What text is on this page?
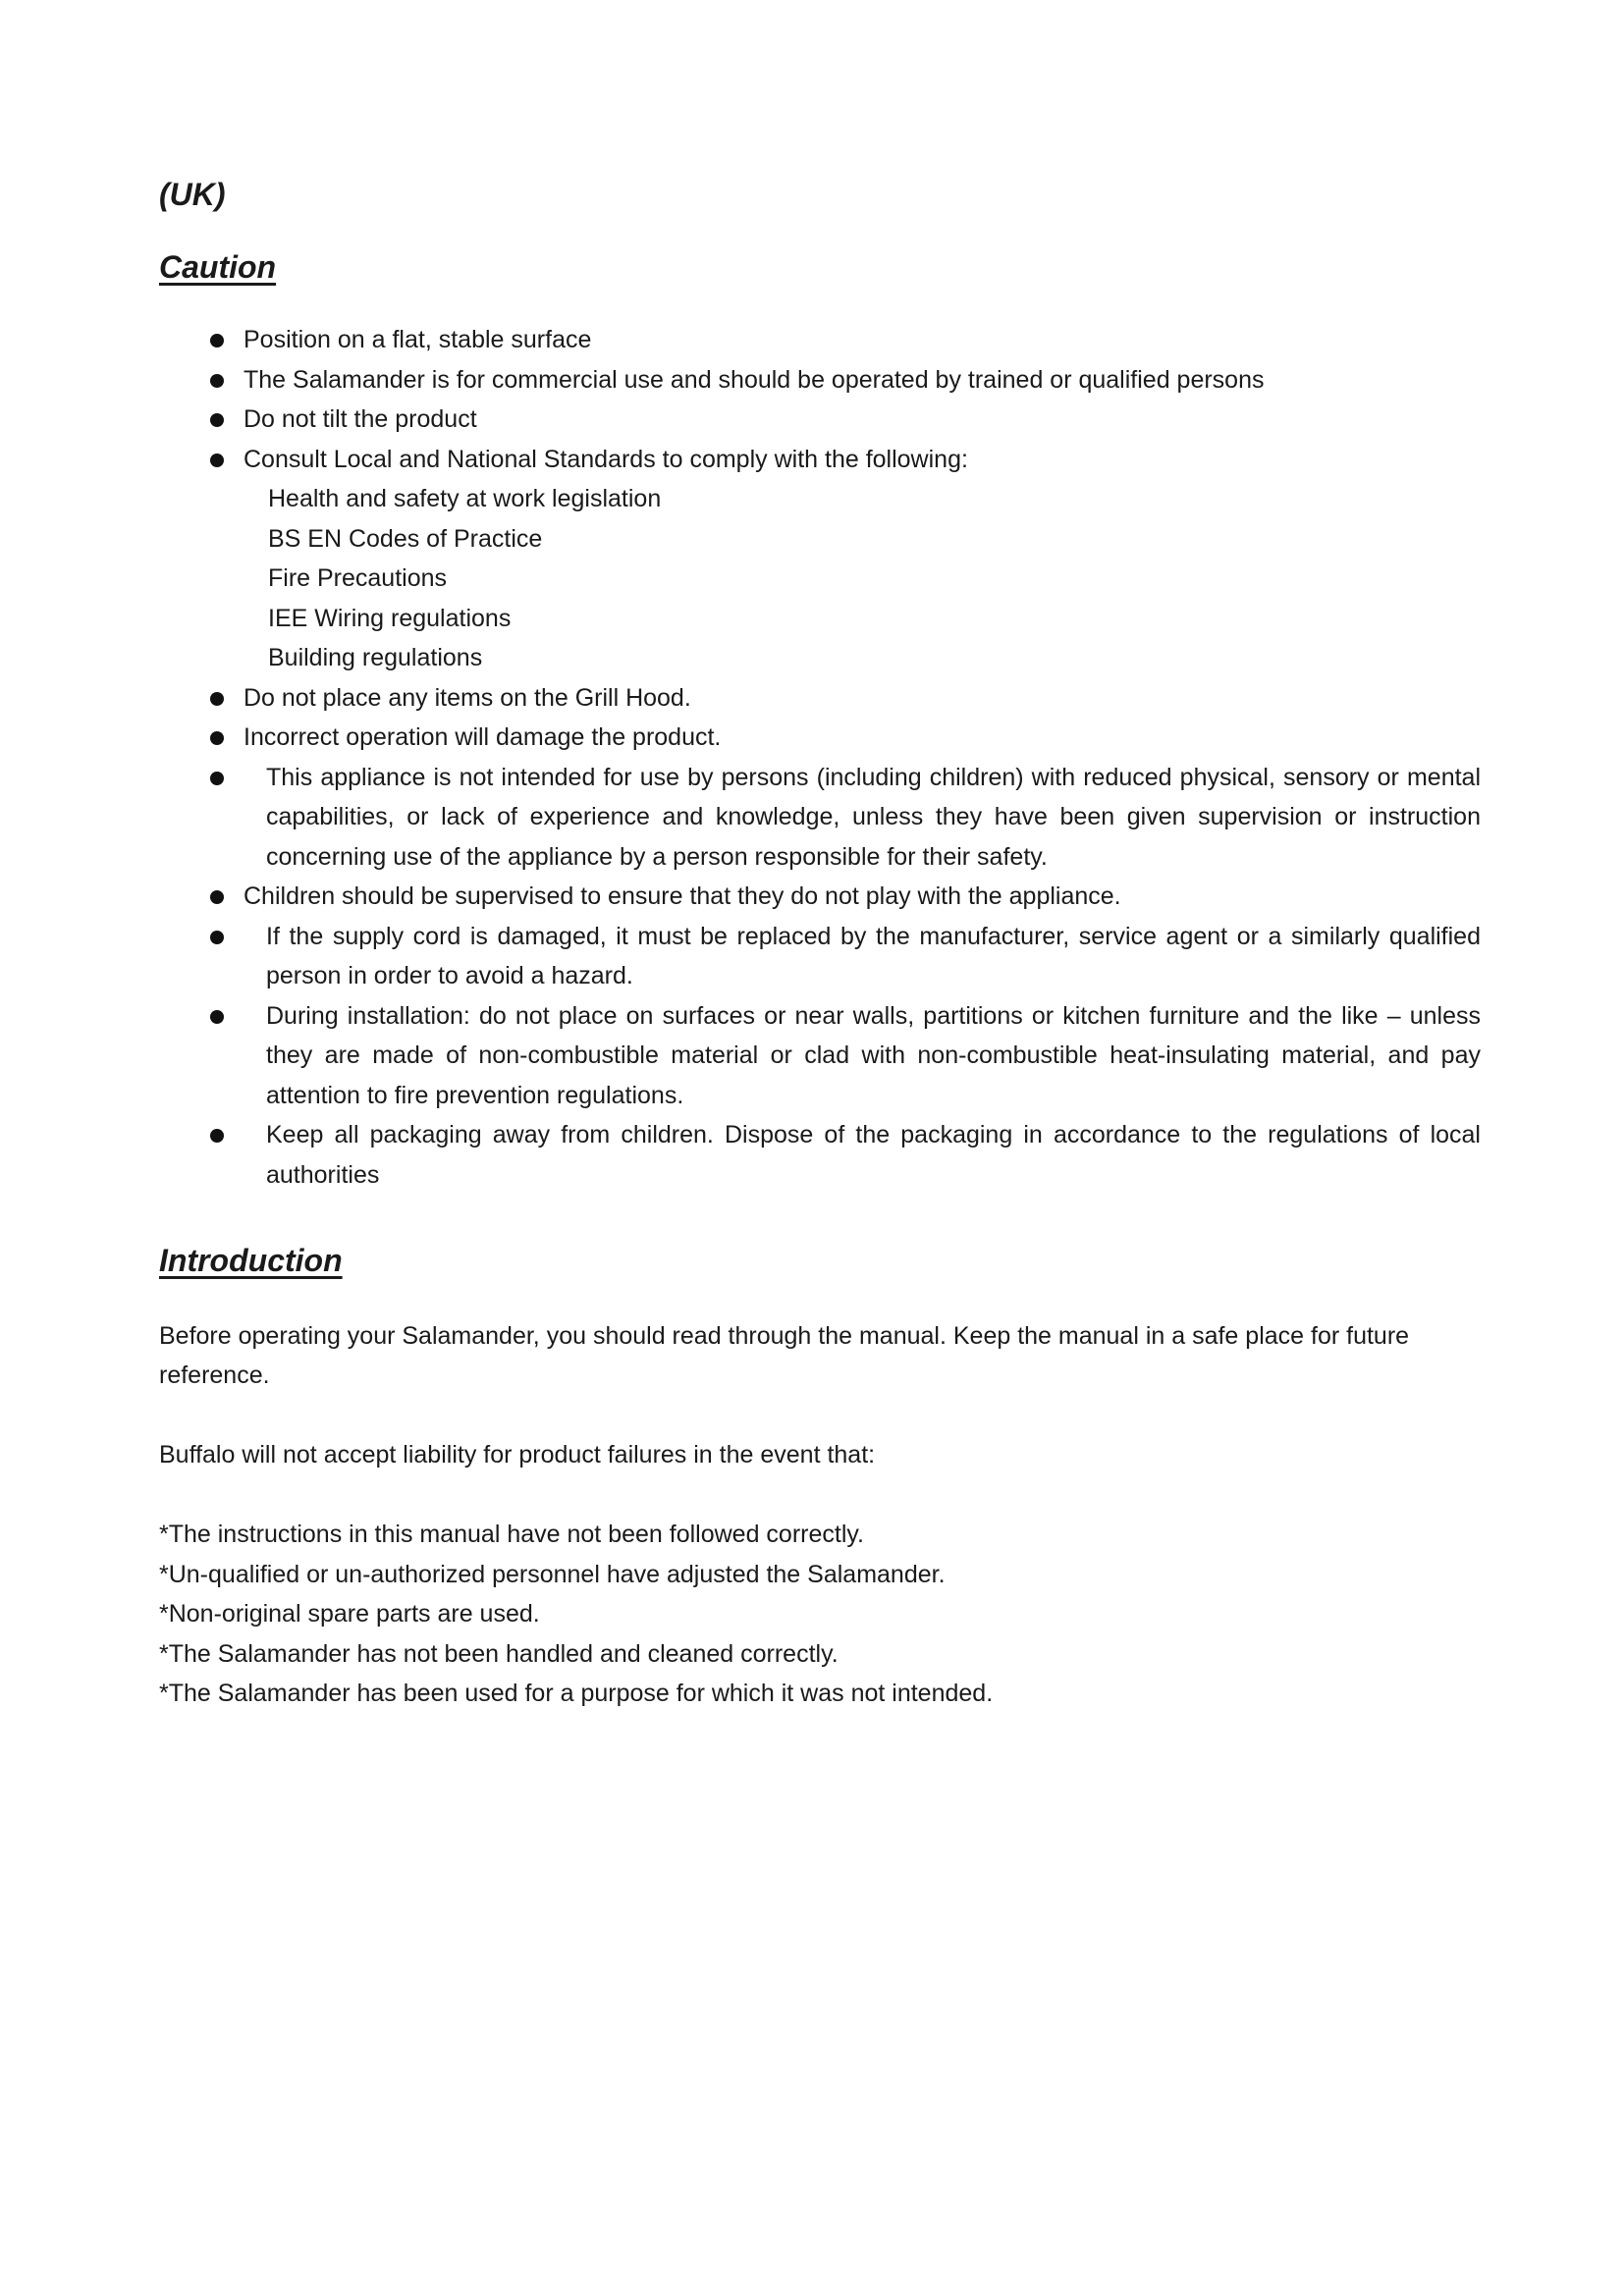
(UK)
Caution
Position on a flat, stable surface
The Salamander is for commercial use and should be operated by trained or qualified persons
Do not tilt the product
Consult Local and National Standards to comply with the following:
Health and safety at work legislation
BS EN Codes of Practice
Fire Precautions
IEE Wiring regulations
Building regulations
Do not place any items on the Grill Hood.
Incorrect operation will damage the product.
This appliance is not intended for use by persons (including children) with reduced physical, sensory or mental capabilities, or lack of experience and knowledge, unless they have been given supervision or instruction concerning use of the appliance by a person responsible for their safety.
Children should be supervised to ensure that they do not play with the appliance.
If the supply cord is damaged, it must be replaced by the manufacturer, service agent or a similarly qualified person in order to avoid a hazard.
During installation: do not place on surfaces or near walls, partitions or kitchen furniture and the like – unless they are made of non-combustible material or clad with non-combustible heat-insulating material, and pay attention to fire prevention regulations.
Keep all packaging away from children. Dispose of the packaging in accordance to the regulations of local authorities
Introduction

Before operating your Salamander, you should read through the manual. Keep the manual in a safe place for future reference.

Buffalo will not accept liability for product failures in the event that:

*The instructions in this manual have not been followed correctly.
*Un-qualified or un-authorized personnel have adjusted the Salamander.
*Non-original spare parts are used.
*The Salamander has not been handled and cleaned correctly.
*The Salamander has been used for a purpose for which it was not intended.
